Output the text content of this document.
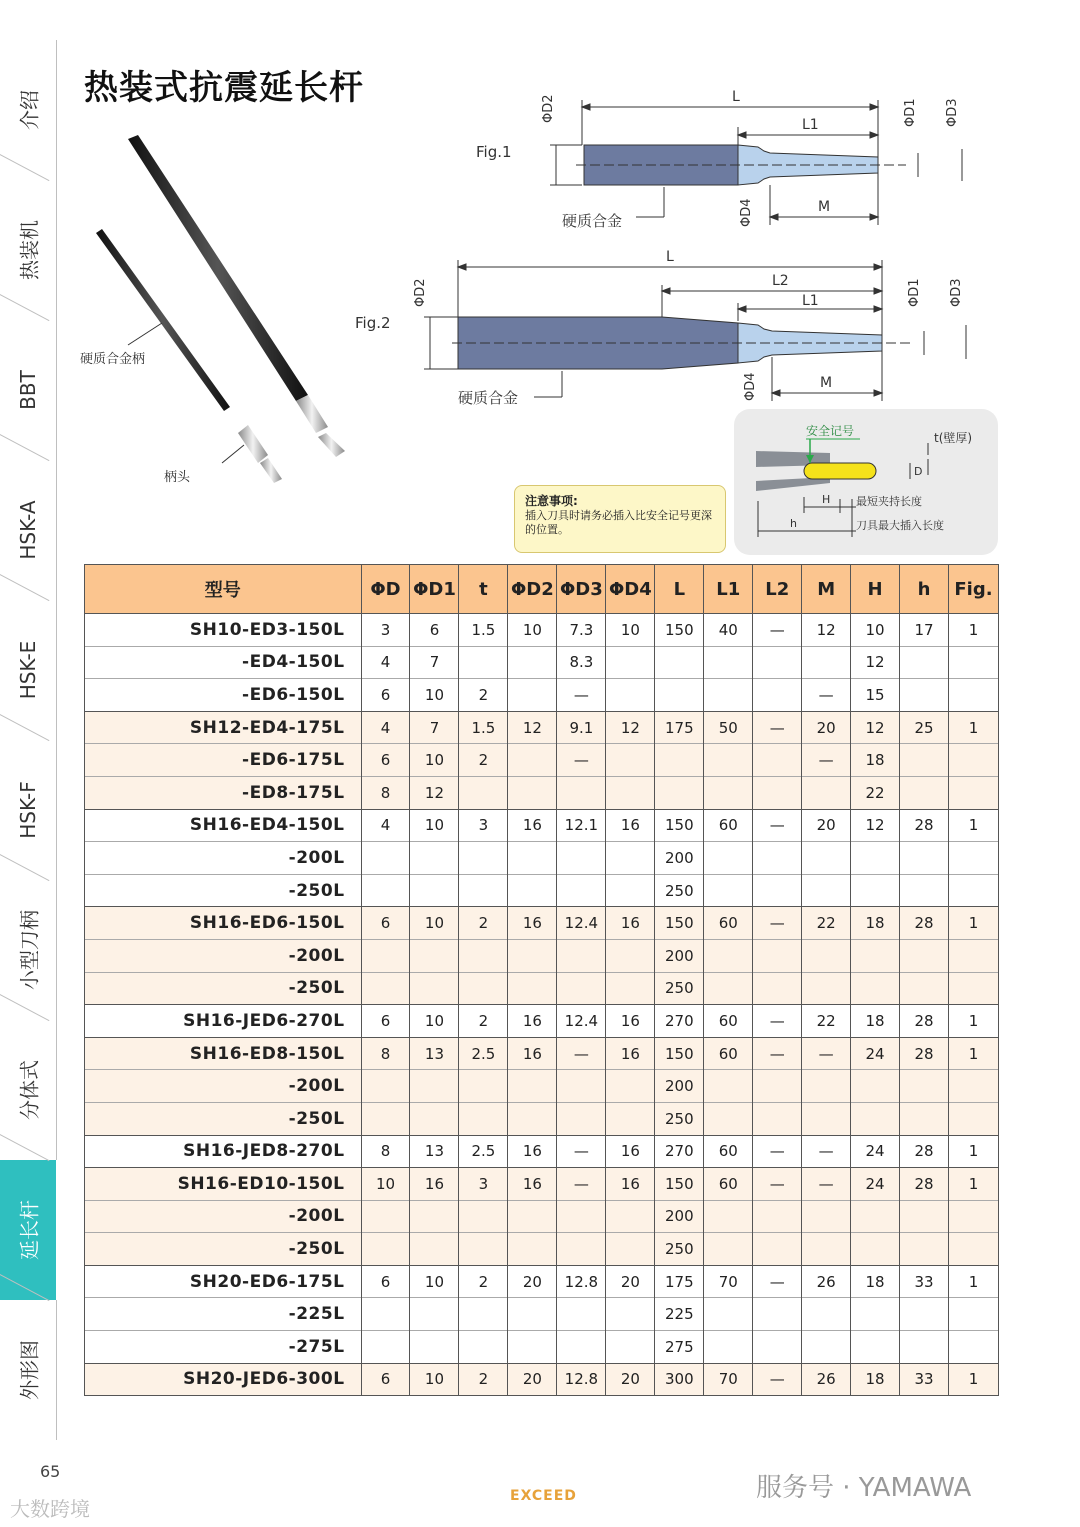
介绍
热装机
BBT
HSK-A
HSK-E
HSK-F
小型刀柄
分体式
延长杆
外形图
热装式抗震延长杆
硬质合金柄
柄头
Fig.1
L
L1
M
ΦD2	ΦD1 ΦD3
ΦD4
硬质合金
Fig.2
L
L2
L1
M
ΦD2	ΦD1 ΦD3
ΦD4
硬质合金
注意事项:
插入刀具时请务必插入比安全记号更深的位置。
安全记号	t(壁厚)
D
H 最短夹持长度
h	刀具最大插入长度
型号	ΦD	ΦD1	t	ΦD2	ΦD3	ΦD4	L	L1	L2	M	H	h	Fig.
SH10-ED3-150L	3	6	1.5	10	7.3	10	150	40	—	12	10	17	1
-ED4-150L	4	7			8.3						12		
-ED6-150L	6	10	2		—					—	15		
SH12-ED4-175L	4	7	1.5	12	9.1	12	175	50	—	20	12	25	1
-ED6-175L	6	10	2		—					—	18		
-ED8-175L	8	12									22		
SH16-ED4-150L	4	10	3	16	12.1	16	150	60	—	20	12	28	1
-200L							200						
-250L							250						
SH16-ED6-150L	6	10	2	16	12.4	16	150	60	—	22	18	28	1
-200L							200						
-250L							250						
SH16-JED6-270L	6	10	2	16	12.4	16	270	60	—	22	18	28	1
SH16-ED8-150L	8	13	2.5	16	—	16	150	60	—	—	24	28	1
-200L							200						
-250L							250						
SH16-JED8-270L	8	13	2.5	16	—	16	270	60	—	—	24	28	1
SH16-ED10-150L	10	16	3	16	—	16	150	60	—	—	24	28	1
-200L							200						
-250L							250						
SH20-ED6-175L	6	10	2	20	12.8	20	175	70	—	26	18	33	1
-225L							225						
-275L							275						
SH20-JED6-300L	6	10	2	20	12.8	20	300	70	—	26	18	33	1
65
EXCEED
大数跨境
服务号 · YAMAWA
